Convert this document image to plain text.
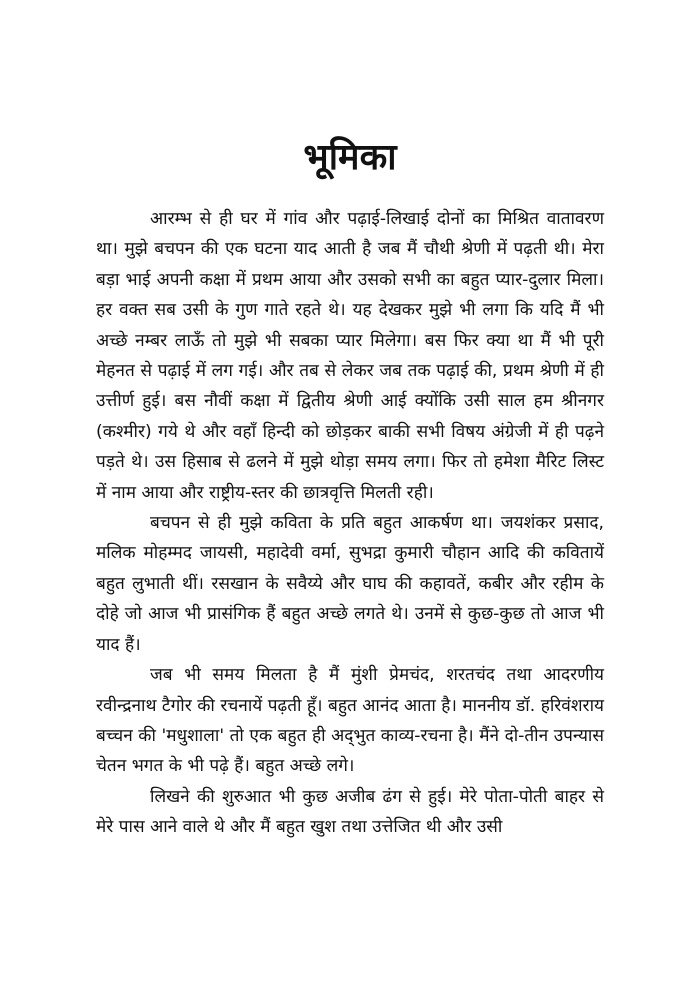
भूमिका

आरम्भ से ही घर में गांव और पढ़ाई-लिखाई दोनों का मिश्रित वातावरण था। मुझे बचपन की एक घटना याद आती है जब मैं चौथी श्रेणी में पढ़ती थी। मेरा बड़ा भाई अपनी कक्षा में प्रथम आया और उसको सभी का बहुत प्यार-दुलार मिला। हर वक्त सब उसी के गुण गाते रहते थे। यह देखकर मुझे भी लगा कि यदि मैं भी अच्छे नम्बर लाऊँ तो मुझे भी सबका प्यार मिलेगा। बस फिर क्या था मैं भी पूरी मेहनत से पढ़ाई में लग गई। और तब से लेकर जब तक पढ़ाई की, प्रथम श्रेणी में ही उत्तीर्ण हुई। बस नौवीं कक्षा में द्वितीय श्रेणी आई क्योंकि उसी साल हम श्रीनगर (कश्मीर) गये थे और वहाँ हिन्दी को छोड़कर बाकी सभी विषय अंग्रेजी में ही पढ़ने पड़ते थे। उस हिसाब से ढलने में मुझे थोड़ा समय लगा। फिर तो हमेशा मैरिट लिस्ट में नाम आया और राष्ट्रीय-स्तर की छात्रवृत्ति मिलती रही।

बचपन से ही मुझे कविता के प्रति बहुत आकर्षण था। जयशंकर प्रसाद, मलिक मोहम्मद जायसी, महादेवी वर्मा, सुभद्रा कुमारी चौहान आदि की कवितायें बहुत लुभाती थीं। रसखान के सवैय्ये और घाघ की कहावतें, कबीर और रहीम के दोहे जो आज भी प्रासंगिक हैं बहुत अच्छे लगते थे। उनमें से कुछ-कुछ तो आज भी याद हैं।

जब भी समय मिलता है मैं मुंशी प्रेमचंद, शरतचंद तथा आदरणीय रवीन्द्रनाथ टैगोर की रचनायें पढ़ती हूँ। बहुत आनंद आता है। माननीय डॉ. हरिवंशराय बच्चन की 'मधुशाला' तो एक बहुत ही अद्‌भुत काव्य-रचना है। मैंने दो-तीन उपन्यास चेतन भगत के भी पढ़े हैं। बहुत अच्छे लगे।

लिखने की शुरुआत भी कुछ अजीब ढंग से हुई। मेरे पोता-पोती बाहर से मेरे पास आने वाले थे और मैं बहुत खुश तथा उत्तेजित थी और उसी
